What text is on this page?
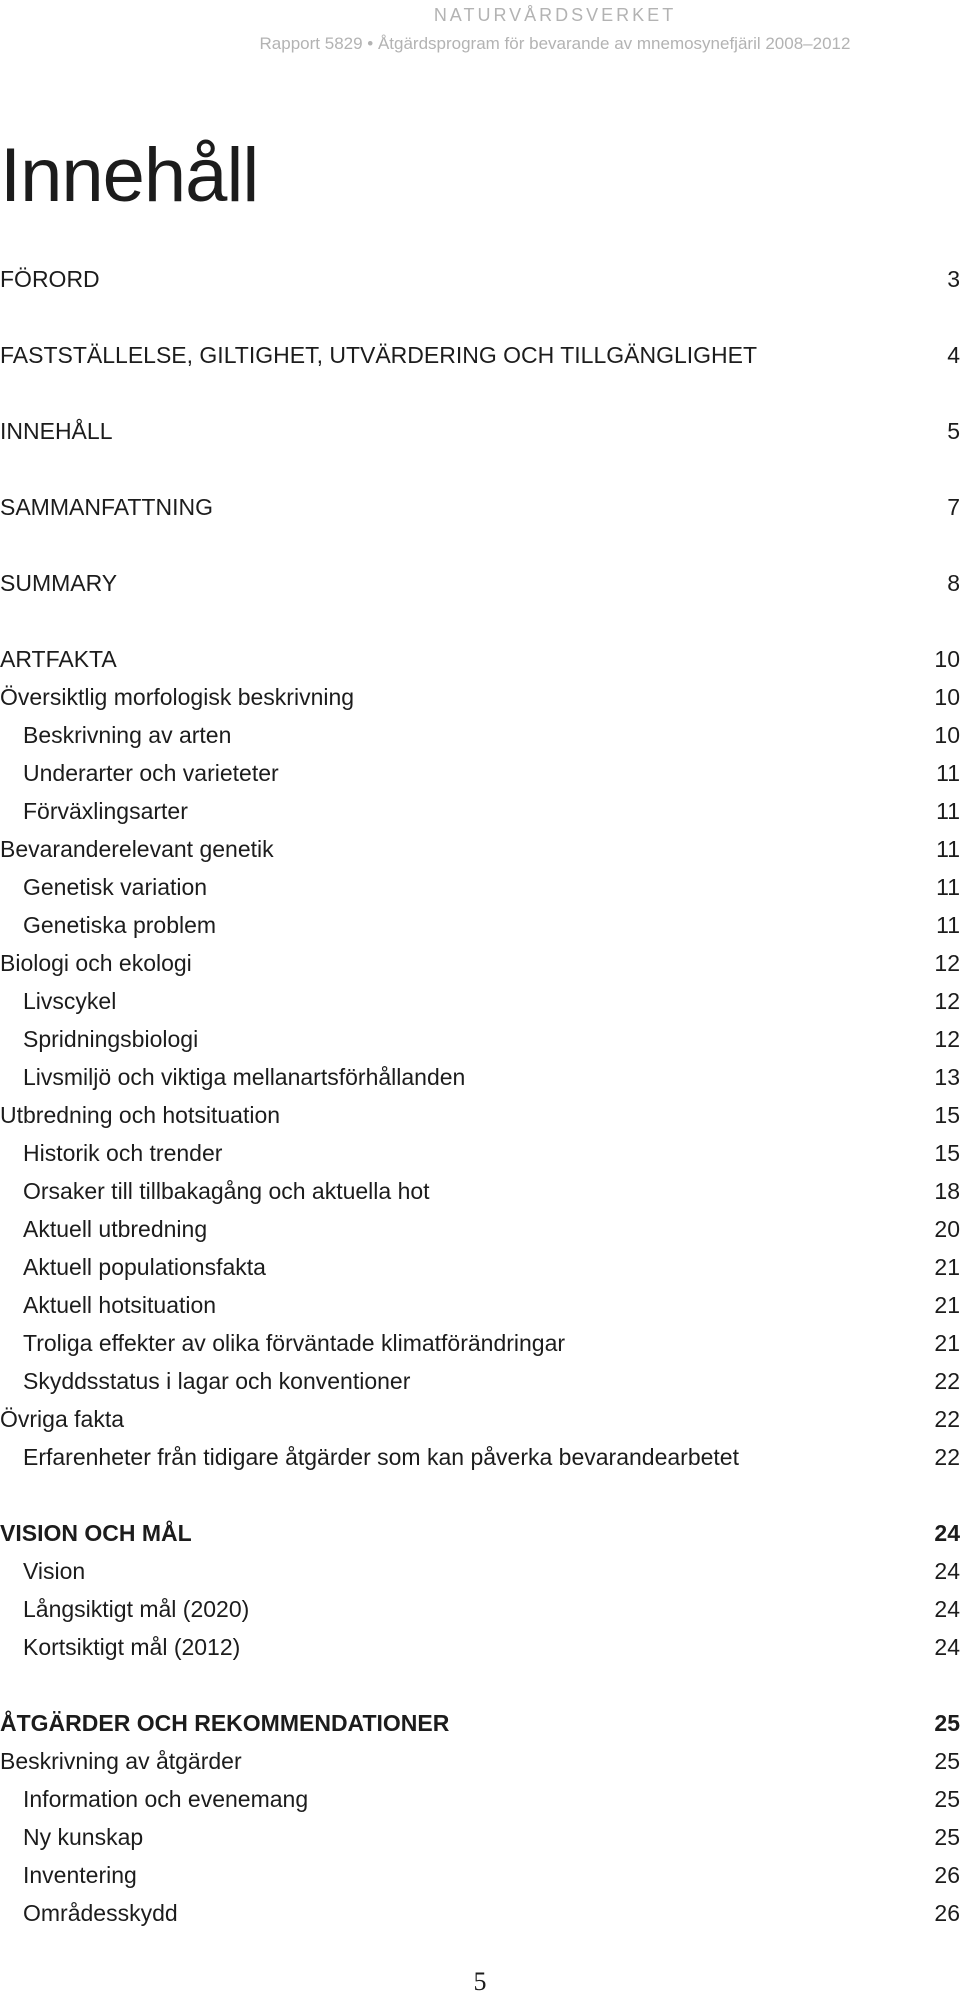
NATURVÅRDSVERKET
Rapport 5829 • Åtgärdsprogram för bevarande av mnemosynefjäril 2008–2012
Innehåll
FÖRORD	3
FASTSTÄLLELSE, GILTIGHET, UTVÄRDERING OCH TILLGÄNGLIGHET	4
INNEHÅLL	5
SAMMANFATTNING	7
SUMMARY	8
ARTFAKTA	10
Översiktlig morfologisk beskrivning	10
Beskrivning av arten	10
Underarter och varieteter	11
Förväxlingsarter	11
Bevaranderelevant genetik	11
Genetisk variation	11
Genetiska problem	11
Biologi och ekologi	12
Livscykel	12
Spridningsbiologi	12
Livsmiljö och viktiga mellanartsförhållanden	13
Utbredning och hotsituation	15
Historik och trender	15
Orsaker till tillbakagång och aktuella hot	18
Aktuell utbredning	20
Aktuell populationsfakta	21
Aktuell hotsituation	21
Troliga effekter av olika förväntade klimatförändringar	21
Skyddsstatus i lagar och konventioner	22
Övriga fakta	22
Erfarenheter från tidigare åtgärder som kan påverka bevarandearbetet	22
VISION OCH MÅL	24
Vision	24
Långsiktigt mål (2020)	24
Kortsiktigt mål (2012)	24
ÅTGÄRDER OCH REKOMMENDATIONER	25
Beskrivning av åtgärder	25
Information och evenemang	25
Ny kunskap	25
Inventering	26
Områdesskydd	26
5
